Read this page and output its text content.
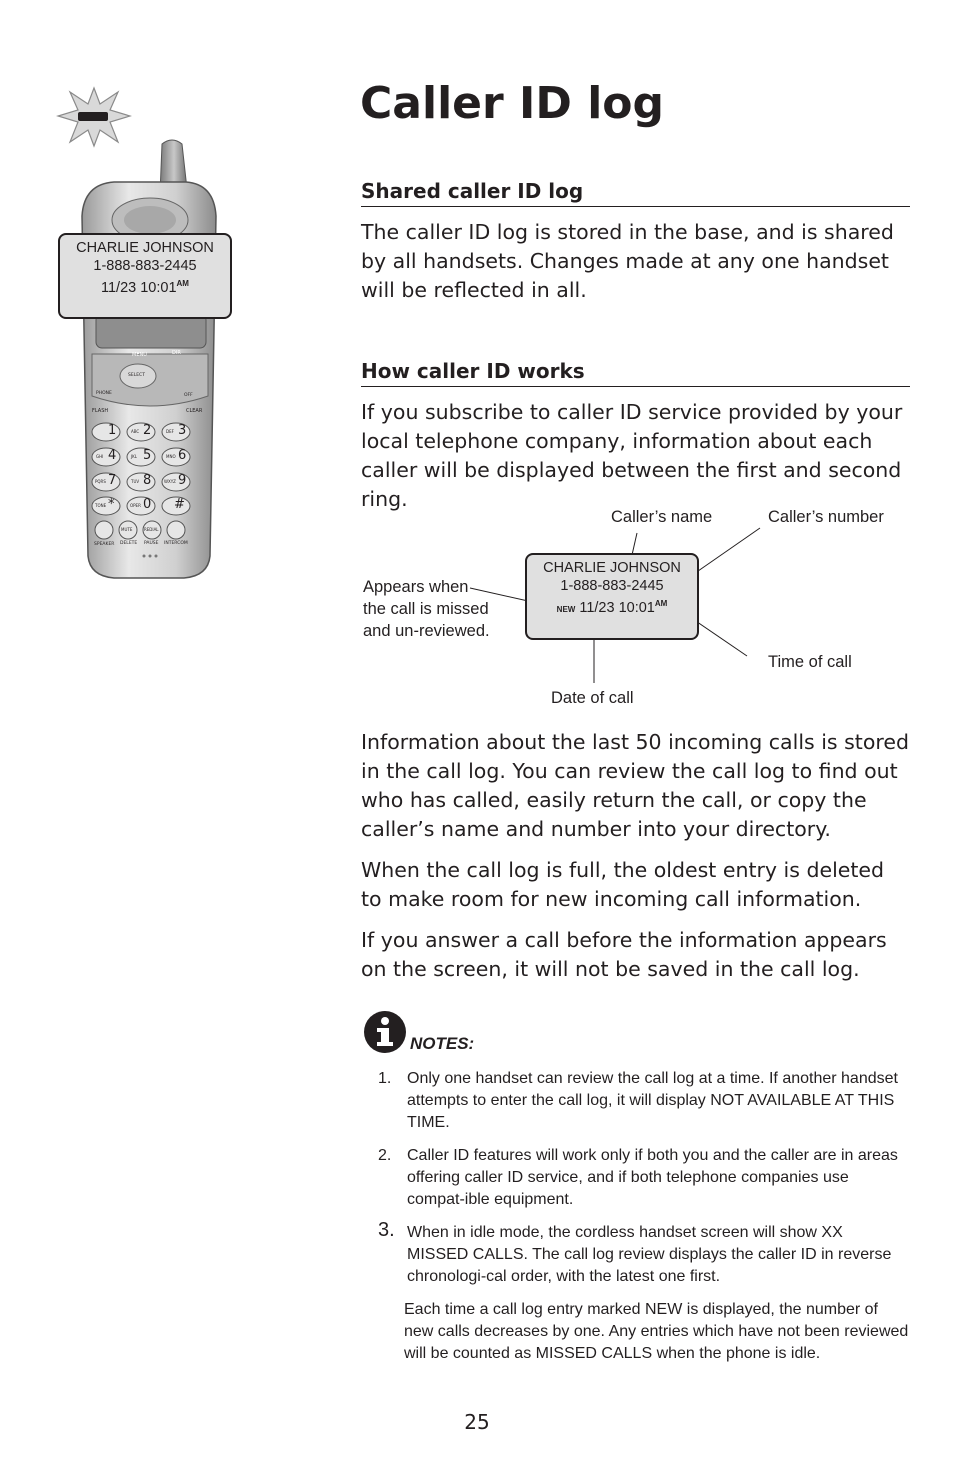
MENU	DIR
SELECT
PHONE	OFF
FLASH	CLEAR
1 2 3
4 5 6
7 8 9
* 0 #
ABC	DEF
GHI	JKL	MNO
PQRS	TUV	WXYZ
TONE	OPER
MUTE	REDIAL
SPEAKER DELETE PAUSE INTERCOM
CHARLIE JOHNSON
1-888-883-2445
11/23 $10:01^{AM}$
Caller ID log
Shared caller ID log

The caller ID log is stored in the base, and is shared by all handsets. Changes made at any one handset will be reflected in all.

How caller ID works

If you subscribe to caller ID service provided by your local telephone company, information about each caller will be displayed between the first and second ring.

CHARLIE JOHNSON
1-888-883-2445
NEW 11/23 $10:01^{AM}$
Caller’s name	Caller’s number
Appears when
the call is missed
and un-reviewed.
Time of call
Date of call

Information about the last 50 incoming calls is stored in the call log. You can review the call log to find out who has called, easily return the call, or copy the caller’s name and number into your directory.

When the call log is full, the oldest entry is deleted to make room for new incoming call information.

If you answer a call before the information appears on the screen, it will not be saved in the call log.

NOTES:
1. Only one handset can review the call log at a time. If another handset attempts to enter the call log, it will display NOT AVAILABLE AT THIS TIME.
2. Caller ID features will work only if both you and the caller are in areas offering caller ID service, and if both telephone companies use compat-ible equipment.
3. When in idle mode, the cordless handset screen will show XX MISSED CALLS. The call log review displays the caller ID in reverse chronologi-cal order, with the latest one first.
Each time a call log entry marked NEW is displayed, the number of new calls decreases by one. Any entries which have not been reviewed will be counted as MISSED CALLS when the phone is idle.
25
